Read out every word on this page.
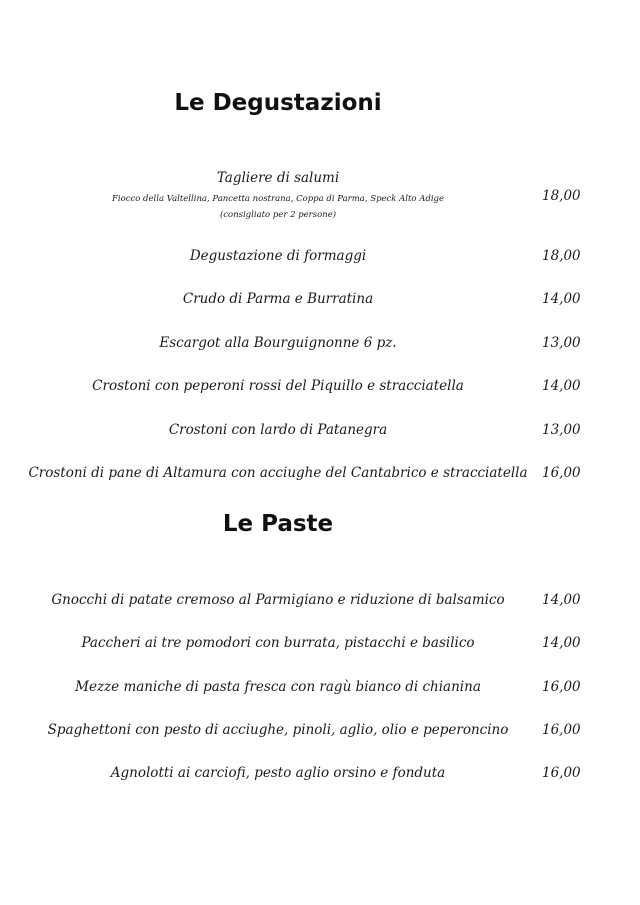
Le Degustazioni
Tagliere di salumi
Fiocco della Valtellina, Pancetta nostrana, Coppa di Parma, Speck Alto Adige
(consigliato per 2 persone)
18,00
Degustazione di formaggi	18,00
Crudo di Parma e Burratina	14,00
Escargot alla Bourguignonne 6 pz.	13,00
Crostoni con peperoni rossi del Piquillo e stracciatella	14,00
Crostoni con lardo di Patanegra	13,00
Crostoni di pane di Altamura con acciughe del Cantabrico e stracciatella 16,00
Le Paste
Gnocchi di patate cremoso al Parmigiano e riduzione di balsamico	14,00
Paccheri ai tre pomodori con burrata, pistacchi e basilico	14,00
Mezze maniche di pasta fresca con ragù bianco di chianina	16,00
Spaghettoni con pesto di acciughe, pinoli, aglio, olio e peperoncino 16,00
Agnolotti ai carciofi, pesto aglio orsino e fonduta	16,00
